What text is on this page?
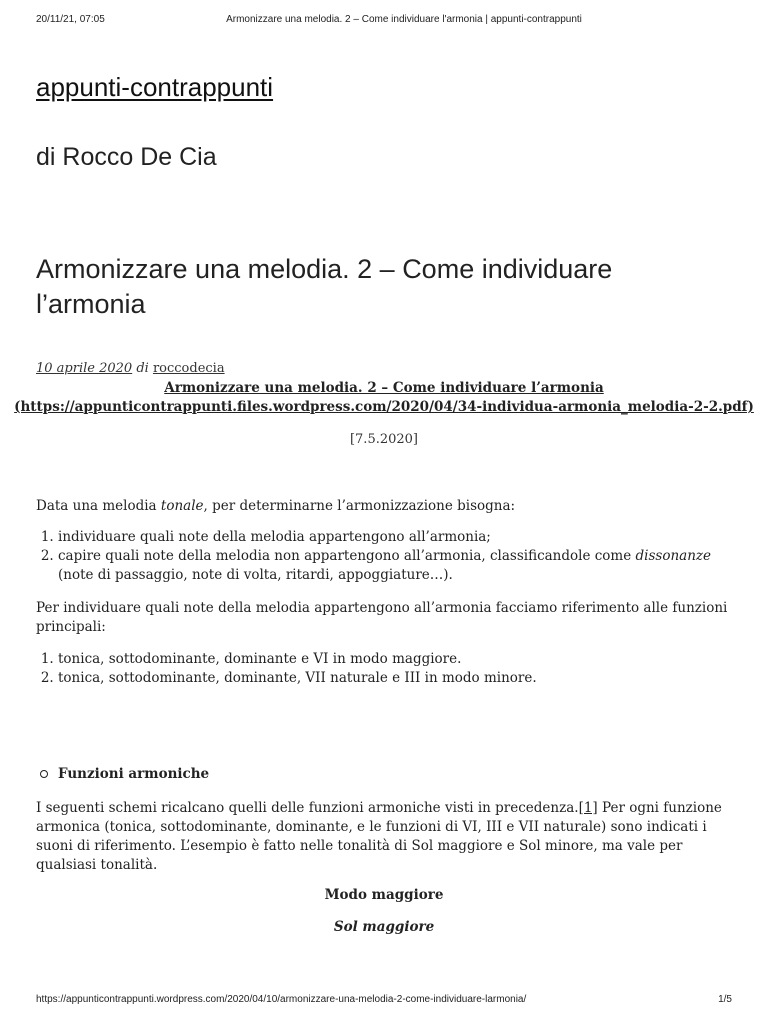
20/11/21, 07:05	Armonizzare una melodia. 2 – Come individuare l'armonia | appunti-contrappunti
appunti-contrappunti
di Rocco De Cia
Armonizzare una melodia. 2 – Come individuare l’armonia
10 aprile 2020 di roccodecia
Armonizzare una melodia. 2 – Come individuare l’armonia
(https://appunticontrappunti.files.wordpress.com/2020/04/34-individua-armonia_melodia-2-2.pdf)
[7.5.2020]

Data una melodia tonale, per determinarne l’armonizzazione bisogna:

1. individuare quali note della melodia appartengono all’armonia;
2. capire quali note della melodia non appartengono all’armonia, classificandole come dissonanze (note di passaggio, note di volta, ritardi, appoggiature…).

Per individuare quali note della melodia appartengono all’armonia facciamo riferimento alle funzioni principali:

1. tonica, sottodominante, dominante e VI in modo maggiore.
2. tonica, sottodominante, dominante, VII naturale e III in modo minore.
Funzioni armoniche

I seguenti schemi ricalcano quelli delle funzioni armoniche visti in precedenza.[1] Per ogni funzione armonica (tonica, sottodominante, dominante, e le funzioni di VI, III e VII naturale) sono indicati i suoni di riferimento. L’esempio è fatto nelle tonalità di Sol maggiore e Sol minore, ma vale per qualsiasi tonalità.

Modo maggiore
Sol maggiore
https://appunticontrappunti.wordpress.com/2020/04/10/armonizzare-una-melodia-2-come-individuare-larmonia/	1/5
